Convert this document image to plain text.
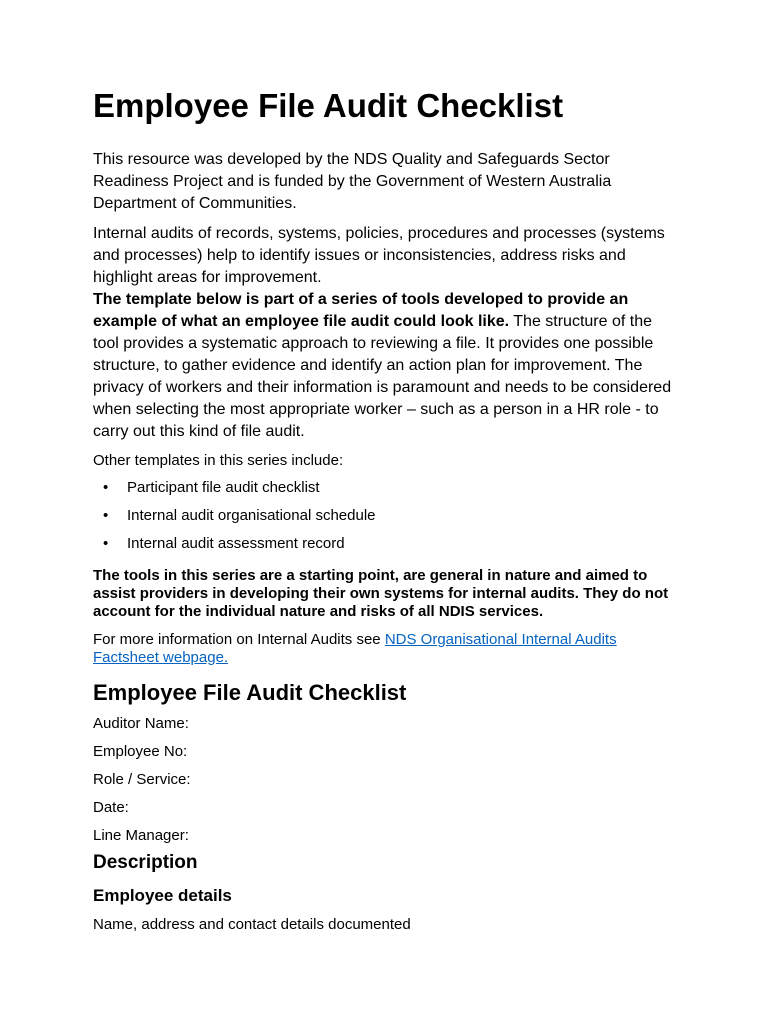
Employee File Audit Checklist

This resource was developed by the NDS Quality and Safeguards Sector Readiness Project and is funded by the Government of Western Australia Department of Communities.

Internal audits of records, systems, policies, procedures and processes (systems and processes) help to identify issues or inconsistencies, address risks and highlight areas for improvement.

The template below is part of a series of tools developed to provide an example of what an employee file audit could look like. The structure of the tool provides a systematic approach to reviewing a file. It provides one possible structure, to gather evidence and identify an action plan for improvement. The privacy of workers and their information is paramount and needs to be considered when selecting the most appropriate worker – such as a person in a HR role - to carry out this kind of file audit.

Other templates in this series include:

•	Participant file audit checklist
•	Internal audit organisational schedule
•	Internal audit assessment record

The tools in this series are a starting point, are general in nature and aimed to assist providers in developing their own systems for internal audits. They do not account for the individual nature and risks of all NDIS services.

For more information on Internal Audits see NDS Organisational Internal Audits Factsheet webpage.

Employee File Audit Checklist
Auditor Name:
Employee No:
Role / Service:
Date:
Line Manager:
Description
Employee details

Name, address and contact details documented
